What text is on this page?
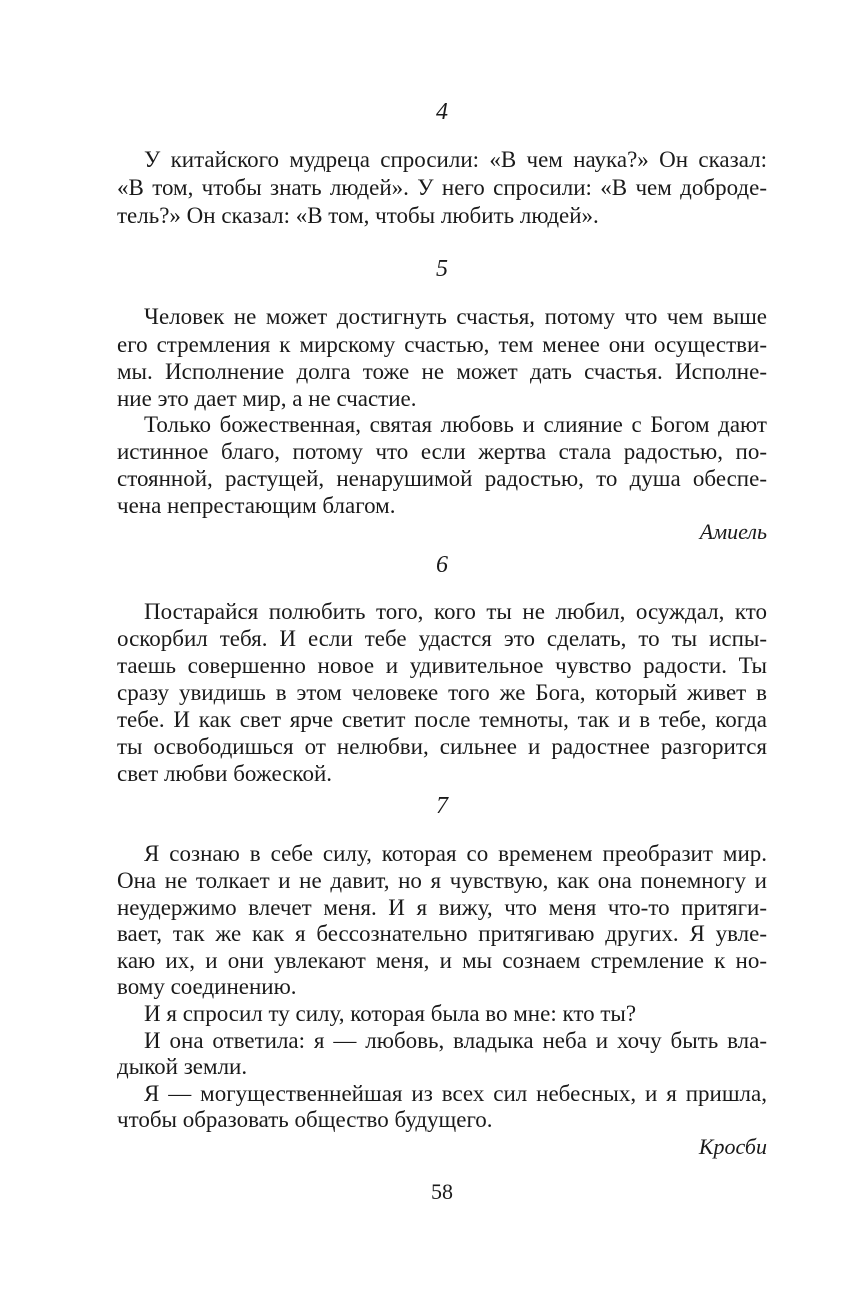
4

У китайского мудреца спросили: «В чем наука?» Он сказал:

«В том, чтобы знать людей». У него спросили: «В чем доброде-

тель?» Он сказал: «В том, чтобы любить людей».

5

Человек не может достигнуть счастья, потому что чем выше

его стремления к мирскому счастью, тем менее они осуществи-

мы. Исполнение долга тоже не может дать счастья. Исполне-

ние это дает мир, а не счастие.

Только божественная, святая любовь и слияние с Богом дают

истинное благо, потому что если жертва стала радостью, по-

стоянной, растущей, ненарушимой радостью, то душа обеспе-

чена непрестающим благом.

Амиель
6

Постарайся полюбить того, кого ты не любил, осуждал, кто

оскорбил тебя. И если тебе удастся это сделать, то ты испы-

таешь совершенно новое и удивительное чувство радости. Ты

сразу увидишь в этом человеке того же Бога, который живет в

тебе. И как свет ярче светит после темноты, так и в тебе, когда

ты освободишься от нелюбви, сильнее и радостнее разгорится

свет любви божеской.

7

Я сознаю в себе силу, которая со временем преобразит мир.

Она не толкает и не давит, но я чувствую, как она понемногу и

неудержимо влечет меня. И я вижу, что меня что-то притяги-

вает, так же как я бессознательно притягиваю других. Я увле-

каю их, и они увлекают меня, и мы сознаем стремление к но-

вому соединению.

И я спросил ту силу, которая была во мне: кто ты?

И она ответила: я — любовь, владыка неба и хочу быть вла-

дыкой земли.

Я — могущественнейшая из всех сил небесных, и я пришла,

чтобы образовать общество будущего.

Кросби
58
